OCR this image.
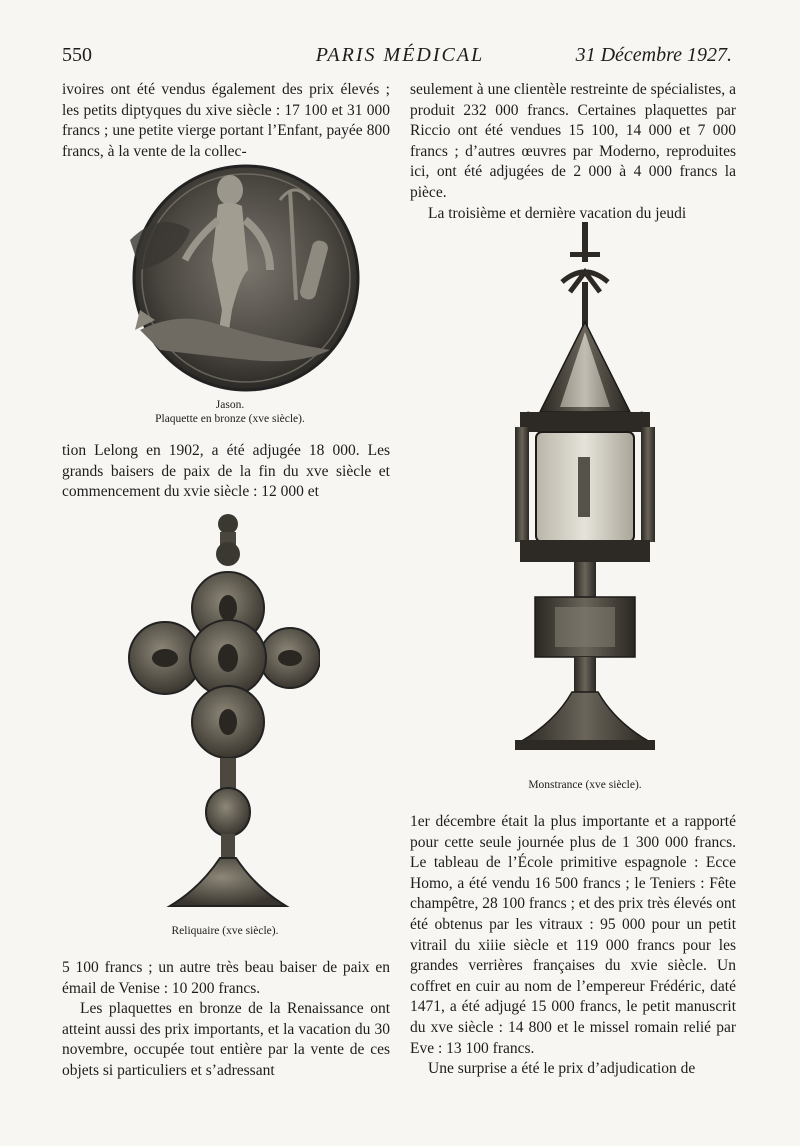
550	PARIS MÉDICAL	31 Décembre 1927.

ivoires ont été vendus également des prix élevés ; les petits diptyques du xive siècle : 17 100 et 31 000 francs ; une petite vierge portant l’Enfant, payée 800 francs, à la vente de la collec-

Jason.
Plaquette en bronze (xve siècle).

tion Lelong en 1902, a été adjugée 18 000. Les grands baisers de paix de la fin du xve siècle et commencement du xvie siècle : 12 000 et

Reliquaire (xve siècle).

5 100 francs ; un autre très beau baiser de paix en émail de Venise : 10 200 francs.

Les plaquettes en bronze de la Renaissance ont atteint aussi des prix importants, et la vacation du 30 novembre, occupée tout entière par la vente de ces objets si particuliers et s’adressant

seulement à une clientèle restreinte de spécialistes, a produit 232 000 francs. Certaines plaquettes par Riccio ont été vendues 15 100, 14 000 et 7 000 francs ; d’autres œuvres par Moderno, reproduites ici, ont été adjugées de 2 000 à 4 000 francs la pièce.

La troisième et dernière vacation du jeudi

Monstrance (xve siècle).

1er décembre était la plus importante et a rapporté pour cette seule journée plus de 1 300 000 francs. Le tableau de l’École primitive espagnole : Ecce Homo, a été vendu 16 500 francs ; le Teniers : Fête champêtre, 28 100 francs ; et des prix très élevés ont été obtenus par les vitraux : 95 000 pour un petit vitrail du xiiie siècle et 119 000 francs pour les grandes verrières françaises du xvie siècle. Un coffret en cuir au nom de l’empereur Frédéric, daté 1471, a été adjugé 15 000 francs, le petit manuscrit du xve siècle : 14 800 et le missel romain relié par Eve : 13 100 francs.

Une surprise a été le prix d’adjudication de
